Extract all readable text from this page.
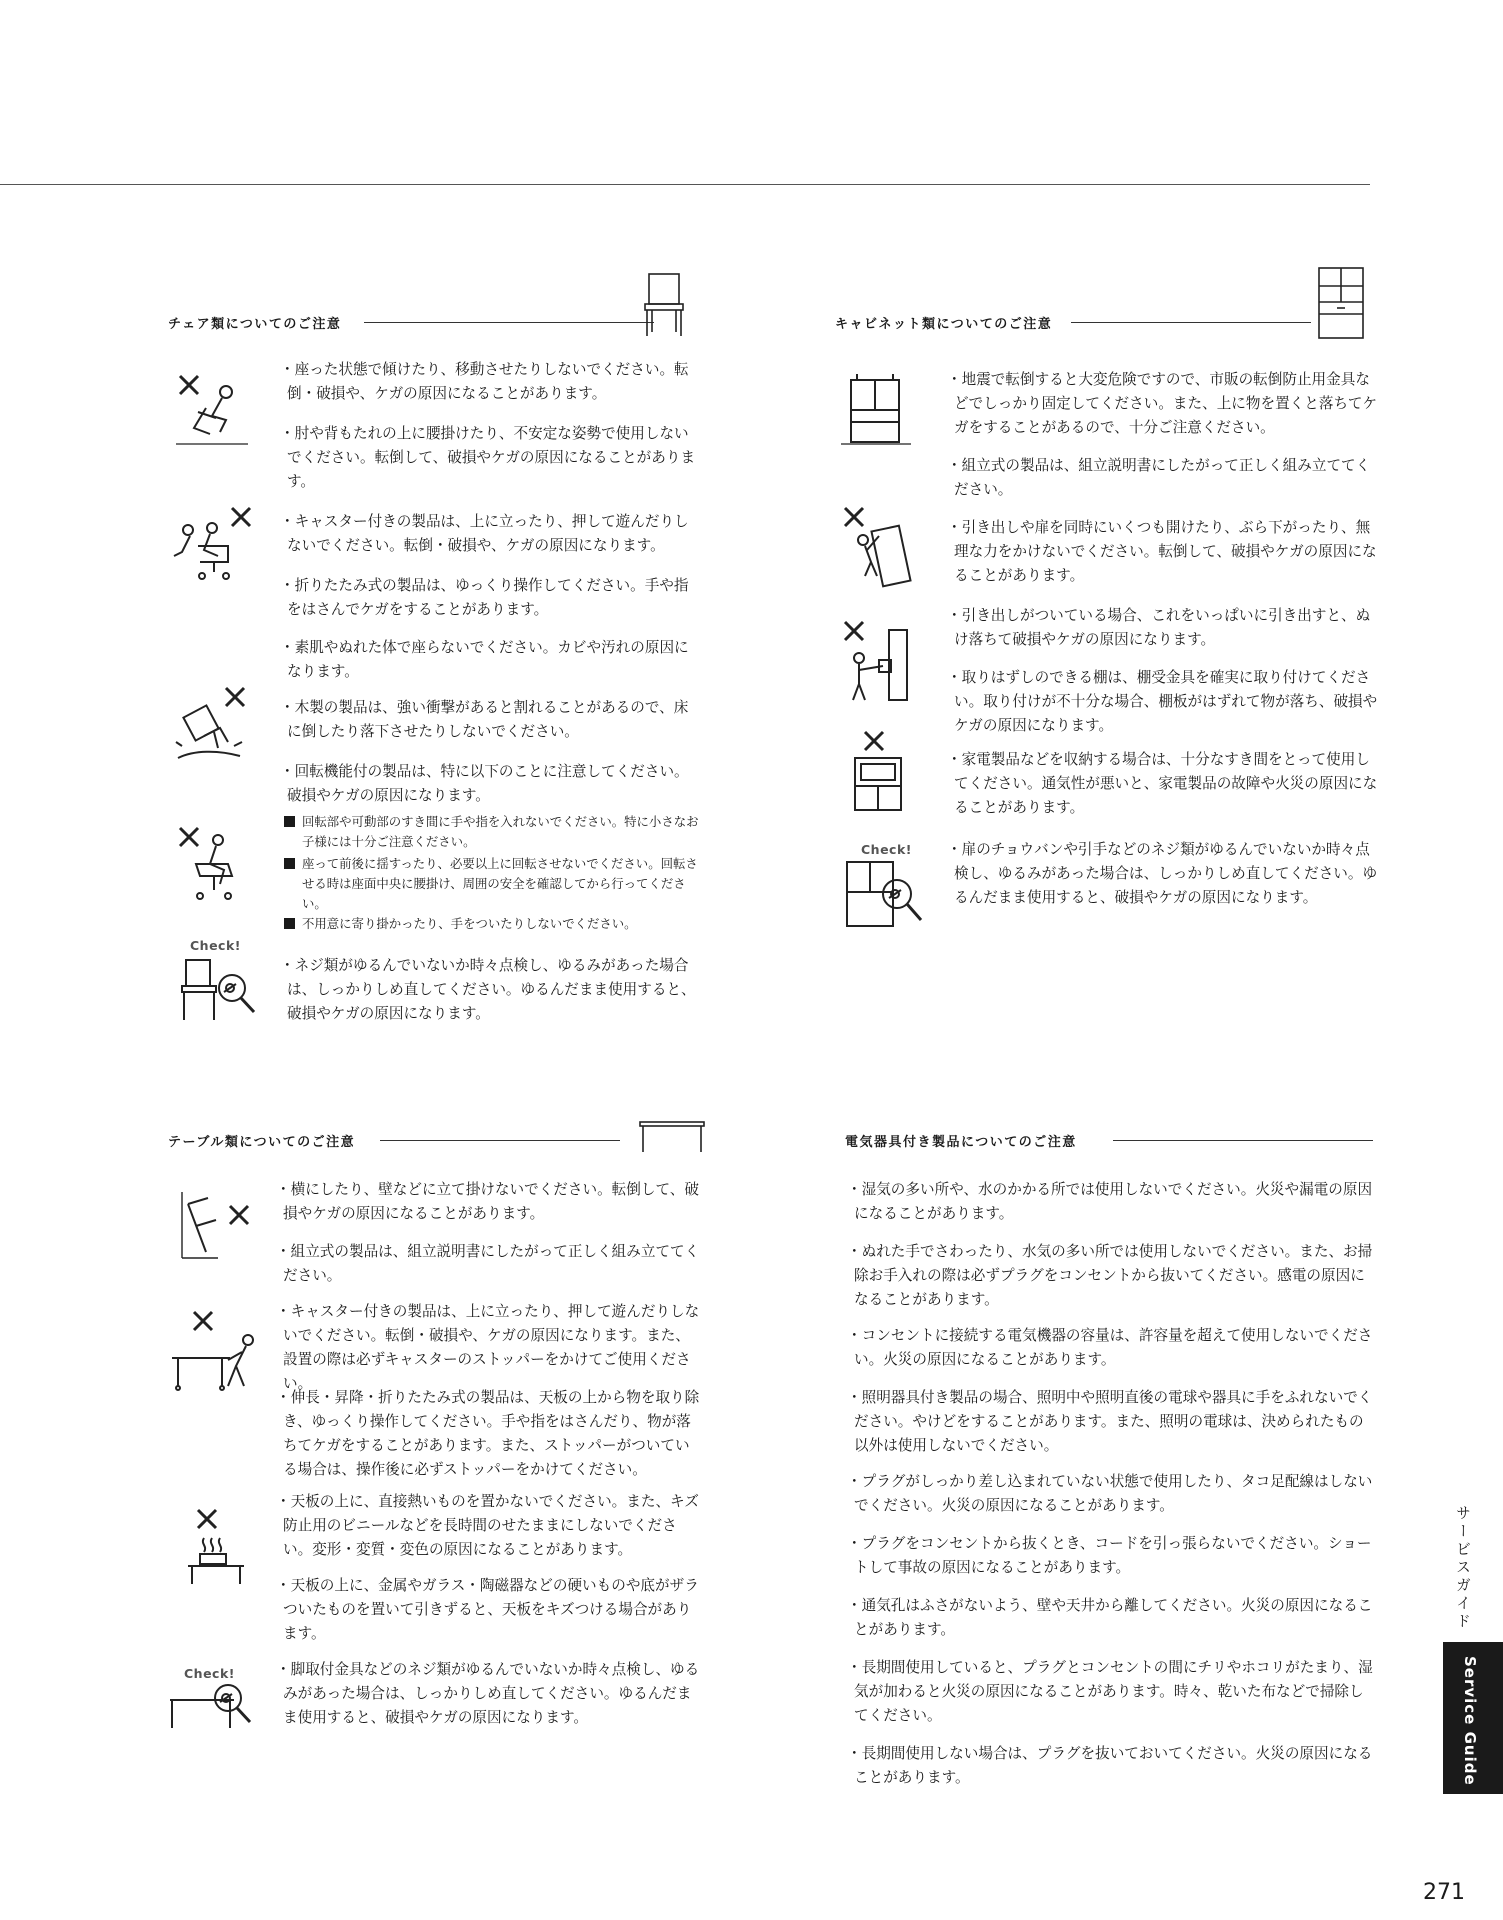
チェア類についてのご注意
・座った状態で傾けたり、移動させたりしないでください。転倒・破損や、ケガの原因になることがあります。
・肘や背もたれの上に腰掛けたり、不安定な姿勢で使用しないでください。転倒して、破損やケガの原因になることがあります。
・キャスター付きの製品は、上に立ったり、押して遊んだりしないでください。転倒・破損や、ケガの原因になります。
・折りたたみ式の製品は、ゆっくり操作してください。手や指をはさんでケガをすることがあります。
・素肌やぬれた体で座らないでください。カビや汚れの原因になります。
・木製の製品は、強い衝撃があると割れることがあるので、床に倒したり落下させたりしないでください。
・回転機能付の製品は、特に以下のことに注意してください。破損やケガの原因になります。
回転部や可動部のすき間に手や指を入れないでください。特に小さなお子様には十分ご注意ください。
座って前後に揺すったり、必要以上に回転させないでください。回転させる時は座面中央に腰掛け、周囲の安全を確認してから行ってください。
不用意に寄り掛かったり、手をついたりしないでください。
Check!
・ネジ類がゆるんでいないか時々点検し、ゆるみがあった場合は、しっかりしめ直してください。ゆるんだまま使用すると、破損やケガの原因になります。
キャビネット類についてのご注意
・地震で転倒すると大変危険ですので、市販の転倒防止用金具などでしっかり固定してください。また、上に物を置くと落ちてケガをすることがあるので、十分ご注意ください。
・組立式の製品は、組立説明書にしたがって正しく組み立ててください。
・引き出しや扉を同時にいくつも開けたり、ぶら下がったり、無理な力をかけないでください。転倒して、破損やケガの原因になることがあります。
・引き出しがついている場合、これをいっぱいに引き出すと、ぬけ落ちて破損やケガの原因になります。
・取りはずしのできる棚は、棚受金具を確実に取り付けてください。取り付けが不十分な場合、棚板がはずれて物が落ち、破損やケガの原因になります。
・家電製品などを収納する場合は、十分なすき間をとって使用してください。通気性が悪いと、家電製品の故障や火災の原因になることがあります。
Check! ・扉のチョウバンや引手などのネジ類がゆるんでいないか時々点検し、ゆるみがあった場合は、しっかりしめ直してください。ゆるんだまま使用すると、破損やケガの原因になります。
テーブル類についてのご注意
・横にしたり、壁などに立て掛けないでください。転倒して、破損やケガの原因になることがあります。
・組立式の製品は、組立説明書にしたがって正しく組み立ててください。
・キャスター付きの製品は、上に立ったり、押して遊んだりしないでください。転倒・破損や、ケガの原因になります。また、設置の際は必ずキャスターのストッパーをかけてご使用ください。
・伸長・昇降・折りたたみ式の製品は、天板の上から物を取り除き、ゆっくり操作してください。手や指をはさんだり、物が落ちてケガをすることがあります。また、ストッパーがついている場合は、操作後に必ずストッパーをかけてください。
・天板の上に、直接熱いものを置かないでください。また、キズ防止用のビニールなどを長時間のせたままにしないでください。変形・変質・変色の原因になることがあります。
・天板の上に、金属やガラス・陶磁器などの硬いものや底がザラついたものを置いて引きずると、天板をキズつける場合があります。
Check!	・脚取付金具などのネジ類がゆるんでいないか時々点検し、ゆるみがあった場合は、しっかりしめ直してください。ゆるんだまま使用すると、破損やケガの原因になります。
電気器具付き製品についてのご注意
・湿気の多い所や、水のかかる所では使用しないでください。火災や漏電の原因になることがあります。
・ぬれた手でさわったり、水気の多い所では使用しないでください。また、お掃除お手入れの際は必ずプラグをコンセントから抜いてください。感電の原因になることがあります。
・コンセントに接続する電気機器の容量は、許容量を超えて使用しないでください。火災の原因になることがあります。
・照明器具付き製品の場合、照明中や照明直後の電球や器具に手をふれないでください。やけどをすることがあります。また、照明の電球は、決められたもの以外は使用しないでください。
・プラグがしっかり差し込まれていない状態で使用したり、タコ足配線はしないでください。火災の原因になることがあります。
・プラグをコンセントから抜くとき、コードを引っ張らないでください。ショートして事故の原因になることがあります。
・通気孔はふさがないよう、壁や天井から離してください。火災の原因になることがあります。
・長期間使用していると、プラグとコンセントの間にチリやホコリがたまり、湿気が加わると火災の原因になることがあります。時々、乾いた布などで掃除してください。
・長期間使用しない場合は、プラグを抜いておいてください。火災の原因になることがあります。
サービスガイド
Service Guide
271
